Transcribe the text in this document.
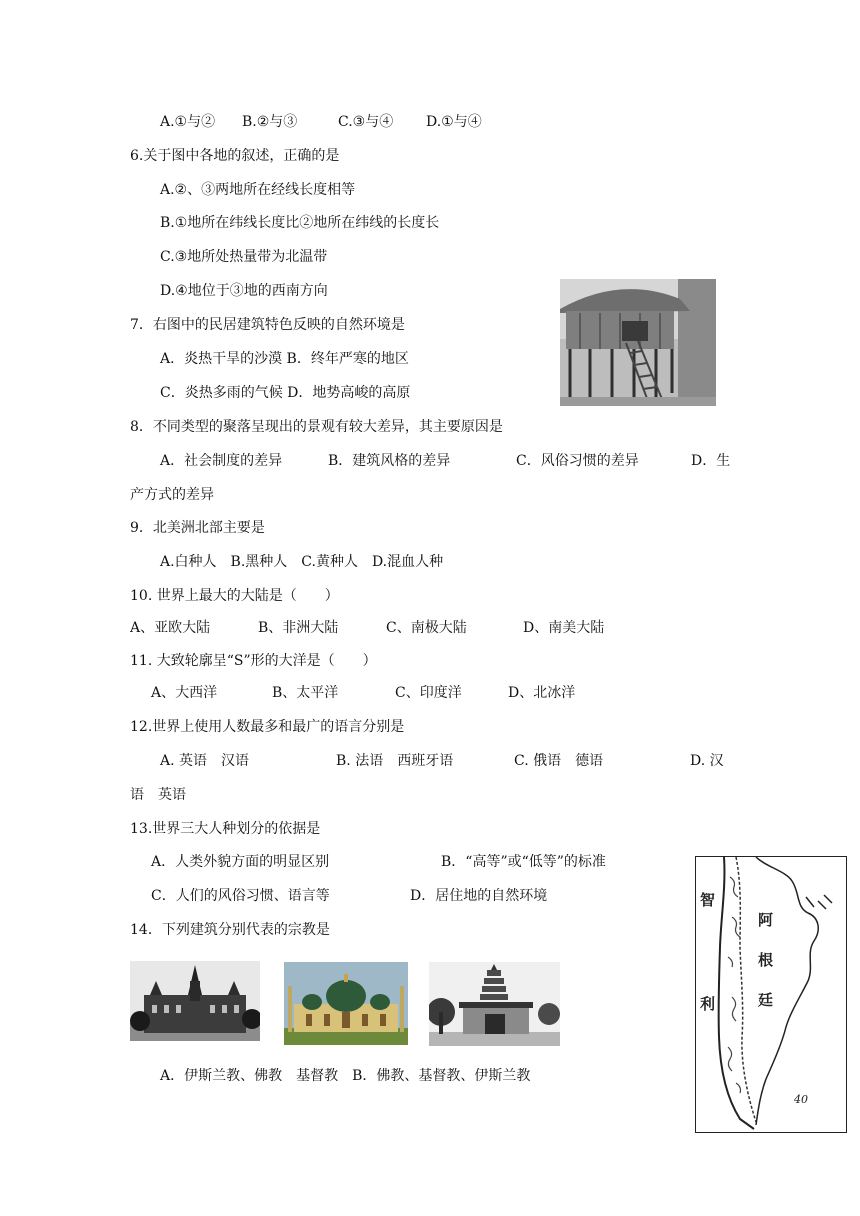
A.①与② B.②与③	C.③与④ D.①与④
6.关于图中各地的叙述，正确的是
A.②、③两地所在经线长度相等
B.①地所在纬线长度比②地所在纬线的长度长
C.③地所处热量带为北温带
D.④地位于③地的西南方向
7．右图中的民居建筑特色反映的自然环境是
A．炎热干旱的沙漠 B．终年严寒的地区
C．炎热多雨的气候 D．地势高峻的高原
8．不同类型的聚落呈现出的景观有较大差异，其主要原因是
A．社会制度的差异	B．建筑风格的差异	C．风俗习惯的差异	D．生
产方式的差异
9．北美洲北部主要是
A.白种人　B.黑种人　C.黄种人　D.混血人种
10. 世界上最大的大陆是（　　）
A、亚欧大陆	B、非洲大陆	C、南极大陆	D、南美大陆
11. 大致轮廓呈“S”形的大洋是（　　）
A、大西洋	B、太平洋	C、印度洋	D、北冰洋
12.世界上使用人数最多和最广的语言分别是
A. 英语　汉语	B. 法语　西班牙语	C. 俄语　德语	D. 汉
语　英语
13.世界三大人种划分的依据是
A．人类外貌方面的明显区别	B．“高等”或“低等”的标准
C．人们的风俗习惯、语言等	D．居住地的自然环境
14．下列建筑分别代表的宗教是
A．伊斯兰教、佛教　基督教　B．佛教、基督教、伊斯兰教
智
利
阿
根
廷
40
